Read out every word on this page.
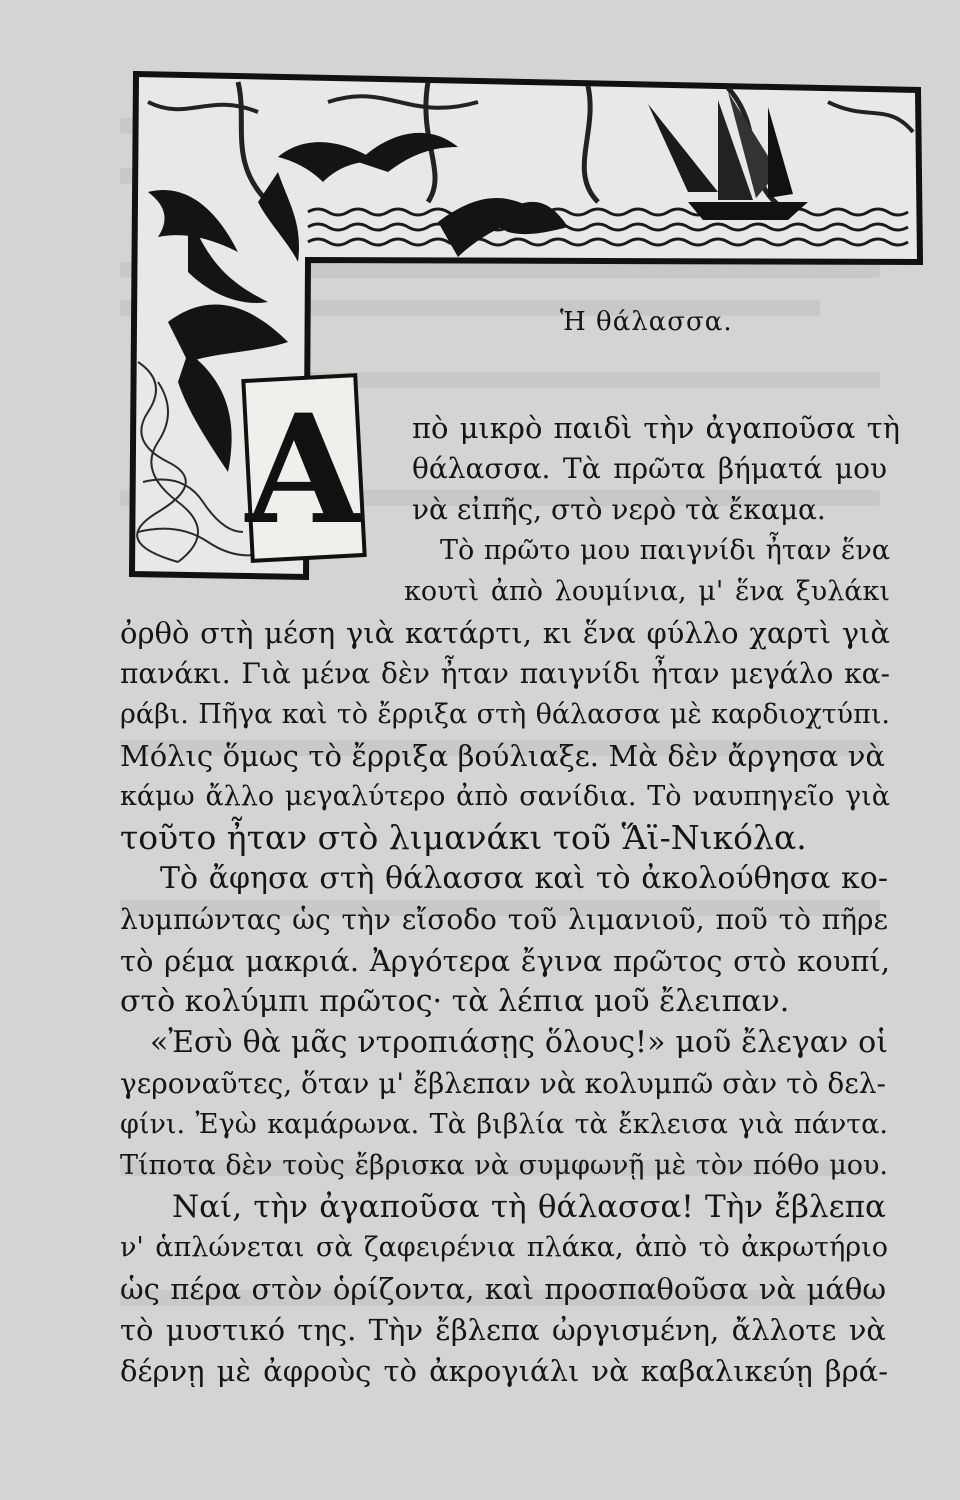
Α
Ἡ θάλασσα.
πὸ μικρὸ παιδὶ τὴν ἀγαποῦσα τὴ
θάλασσα. Τὰ πρῶτα βήματά μου
νὰ εἰπῆς, στὸ νερὸ τὰ ἔκαμα.
Τὸ πρῶτο μου παιγνίδι ἦταν ἕνα
κουτὶ ἀπὸ λουμίνια, μ' ἕνα ξυλάκι
ὀρθὸ στὴ μέση γιὰ κατάρτι, κι ἕνα φύλλο χαρτὶ γιὰ
πανάκι. Γιὰ μένα δὲν ἦταν παιγνίδι ἦταν μεγάλο κα-
ράβι. Πῆγα καὶ τὸ ἔρριξα στὴ θάλασσα μὲ καρδιοχτύπι.
Μόλις ὅμως τὸ ἔρριξα βούλιαξε. Μὰ δὲν ἄργησα νὰ
κάμω ἄλλο μεγαλύτερο ἀπὸ σανίδια. Τὸ ναυπηγεῖο γιὰ
τοῦτο ἦταν στὸ λιμανάκι τοῦ Ἅϊ-Νικόλα.
Τὸ ἄφησα στὴ θάλασσα καὶ τὸ ἀκολούθησα κο-
λυμπώντας ὡς τὴν εἴσοδο τοῦ λιμανιοῦ, ποῦ τὸ πῆρε
τὸ ρέμα μακριά. Ἀργότερα ἔγινα πρῶτος στὸ κουπί,
στὸ κολύμπι πρῶτος· τὰ λέπια μοῦ ἔλειπαν.
«Ἐσὺ θὰ μᾶς ντροπιάσῃς ὅλους!» μοῦ ἔλεγαν οἱ
γεροναῦτες, ὅταν μ' ἔβλεπαν νὰ κολυμπῶ σὰν τὸ δελ-
φίνι. Ἐγὼ καμάρωνα. Τὰ βιβλία τὰ ἔκλεισα γιὰ πάντα.
Τίποτα δὲν τοὺς ἔβρισκα νὰ συμφωνῇ μὲ τὸν πόθο μου.
Ναί, τὴν ἀγαποῦσα τὴ θάλασσα! Τὴν ἔβλεπα
ν' ἁπλώνεται σὰ ζαφειρένια πλάκα, ἀπὸ τὸ ἀκρωτήριο
ὡς πέρα στὸν ὁρίζοντα, καὶ προσπαθοῦσα νὰ μάθω
τὸ μυστικό της. Τὴν ἔβλεπα ὠργισμένη, ἄλλοτε νὰ
δέρνῃ μὲ ἀφροὺς τὸ ἀκρογιάλι νὰ καβαλικεύῃ βρά-
